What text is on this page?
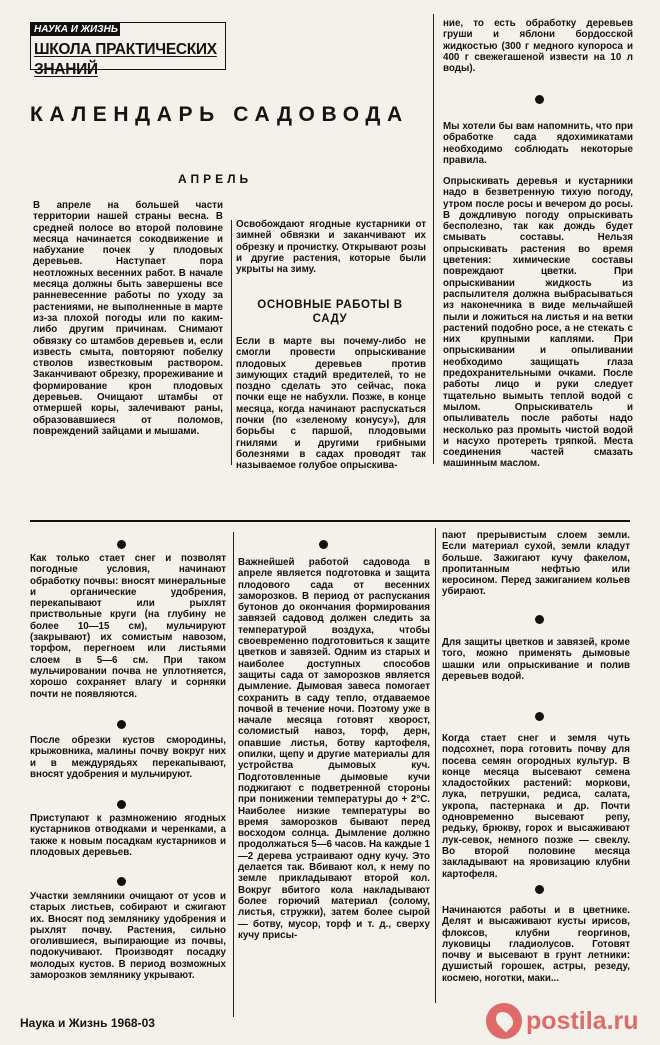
НАУКА И ЖИЗНЬ
ШКОЛА ПРАКТИЧЕСКИХ ЗНАНИЙ
КАЛЕНДАРЬ САДОВОДА
АПРЕЛЬ

В апреле на большей части территории нашей страны весна. В средней полосе во второй половине месяца начинается сокодвижение и набухание почек у плодовых деревьев. Наступает пора неотложных весенних работ. В начале месяца должны быть завершены все ранневесенние работы по уходу за растениями, не выполненные в марте из-за плохой погоды или по каким-либо другим причинам. Снимают обвязку со штамбов деревьев и, если известь смыта, повторяют побелку стволов известковым раствором. Заканчивают обрезку, прореживание и формирование крон плодовых деревьев. Очищают штамбы от отмершей коры, залечивают раны, образовавшиеся от поломов, повреждений зайцами и мышами.

Освобождают ягодные кустарники от зимней обвязки и заканчивают их обрезку и прочистку. Открывают розы и другие растения, которые были укрыты на зиму.

ОСНОВНЫЕ РАБОТЫ В САДУ

Если в марте вы почему-либо не смогли провести опрыскивание плодовых деревьев против зимующих стадий вредителей, то не поздно сделать это сейчас, пока почки еще не набухли. Позже, в конце месяца, когда начинают распускаться почки (по «зеленому конусу»), для борьбы с паршой, плодовыми гнилями и другими грибными болезнями в садах проводят так называемое голубое опрыскива-

ние, то есть обработку деревьев груши и яблони бордосской жидкостью (300 г медного купороса и 400 г свежегашеной извести на 10 л воды).

Мы хотели бы вам напомнить, что при обработке сада ядохимикатами необходимо соблюдать некоторые правила.

Опрыскивать деревья и кустарники надо в безветренную тихую погоду, утром после росы и вечером до росы. В дождливую погоду опрыскивать бесполезно, так как дождь будет смывать составы. Нельзя опрыскивать растения во время цветения: химические составы повреждают цветки. При опрыскивании жидкость из распылителя должна выбрасываться из наконечника в виде мельчайшей пыли и ложиться на листья и на ветки растений подобно росе, а не стекать с них крупными каплями. При опрыскивании и опыливании необходимо защищать глаза предохранительными очками. После работы лицо и руки следует тщательно вымыть теплой водой с мылом. Опрыскиватель и опыливатель после работы надо несколько раз промыть чистой водой и насухо протереть тряпкой. Места соединения частей смазать машинным маслом.

Как только стает снег и позволят погодные условия, начинают обработку почвы: вносят минеральные и органические удобрения, перекапывают или рыхлят приствольные круги (на глубину не более 10—15 см), мульчируют (закрывают) их сомистым навозом, торфом, перегноем или листьями слоем в 5—6 см. При таком мульчировании почва не уплотняется, хорошо сохраняет влагу и сорняки почти не появляются.

После обрезки кустов смородины, крыжовника, малины почву вокруг них и в междурядьях перекапывают, вносят удобрения и мульчируют.

Приступают к размножению ягодных кустарников отводками и черенками, а также к новым посадкам кустарников и плодовых деревьев.

Участки земляники очищают от усов и старых листьев, собирают и сжигают их. Вносят под землянику удобрения и рыхлят почву. Растения, сильно оголившиеся, выпирающие из почвы, подокучивают. Производят посадку молодых кустов. В период возможных заморозков землянику укрывают.

Важнейшей работой садовода в апреле является подготовка и защита плодового сада от весенних заморозков. В период от распускания бутонов до окончания формирования завязей садовод должен следить за температурой воздуха, чтобы своевременно подготовиться к защите цветков и завязей. Одним из старых и наиболее доступных способов защиты сада от заморозков является дымление. Дымовая завеса помогает сохранить в саду тепло, отдаваемое почвой в течение ночи. Поэтому уже в начале месяца готовят хворост, соломистый навоз, торф, дерн, опавшие листья, ботву картофеля, опилки, щепу и другие материалы для устройства дымовых куч. Подготовленные дымовые кучи поджигают с подветренной стороны при понижении температуры до + 2°С. Наиболее низкие температуры во время заморозков бывают перед восходом солнца. Дымление должно продолжаться 5—6 часов. На каждые 1—2 дерева устраивают одну кучу. Это делается так. Вбивают кол, к нему по земле прикладывают второй кол. Вокруг вбитого кола накладывают более горючий материал (солому, листья, стружки), затем более сырой — ботву, мусор, торф и т. д., сверху кучу присы-

пают прерывистым слоем земли. Если материал сухой, земли кладут больше. Зажигают кучу факелом, пропитанным нефтью или керосином. Перед зажиганием кольев убирают.

Для защиты цветков и завязей, кроме того, можно применять дымовые шашки или опрыскивание и полив деревьев водой.

Когда стает снег и земля чуть подсохнет, пора готовить почву для посева семян огородных культур. В конце месяца высевают семена хладостойких растений: моркови, лука, петрушки, редиса, салата, укропа, пастернака и др. Почти одновременно высевают репу, редьку, брюкву, горох и высаживают лук-севок, немного позже — свеклу. Во второй половине месяца закладывают на яровизацию клубни картофеля.

Начинаются работы и в цветнике. Делят и высаживают кусты ирисов, флоксов, клубни георгинов, луковицы гладиолусов. Готовят почву и высевают в грунт летники: душистый горошек, астры, резеду, космею, ноготки, маки...

Наука и Жизнь 1968-03	postila.ru
